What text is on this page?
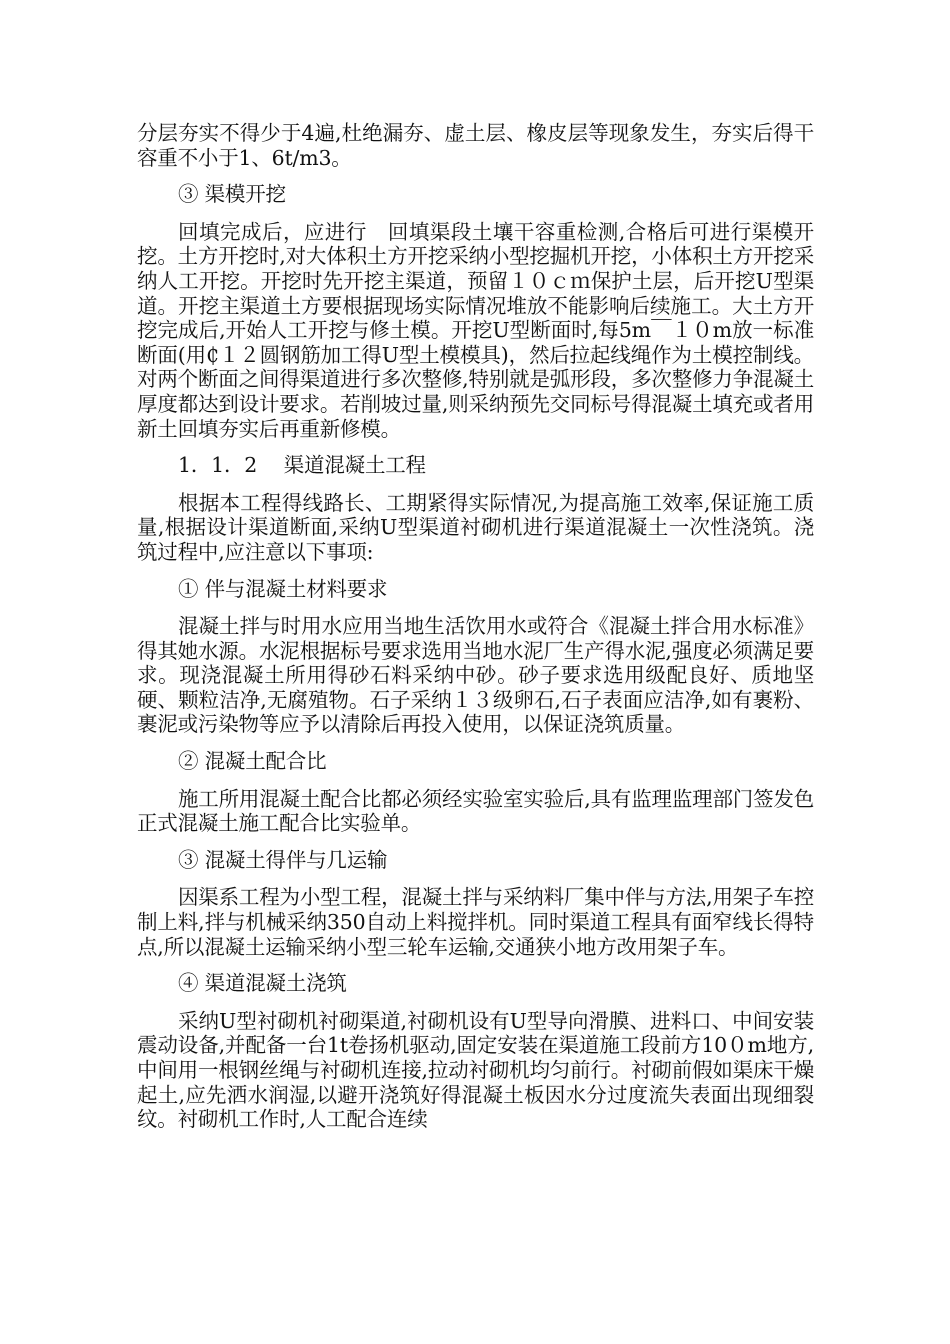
分层夯实不得少于4遍,杜绝漏夯、虚土层、橡皮层等现象发生，夯实后得干容重不小于1、6t/m3。

③ 渠模开挖

回填完成后，应进行　回填渠段土壤干容重检测,合格后可进行渠模开挖。土方开挖时,对大体积土方开挖采纳小型挖掘机开挖，小体积土方开挖采纳人工开挖。开挖时先开挖主渠道，预留１０ｃｍ保护土层，后开挖U型渠道。开挖主渠道土方要根据现场实际情况堆放不能影响后续施工。大土方开挖完成后,开始人工开挖与修土模。开挖U型断面时,每5m￣１０m放一标准断面(用₵１２圆钢筋加工得U型土模模具)，然后拉起线绳作为土模控制线。对两个断面之间得渠道进行多次整修,特别就是弧形段，多次整修力争混凝土厚度都达到设计要求。若削坡过量,则采纳预先交同标号得混凝土填充或者用新土回填夯实后再重新修模。

1．1．2　 渠道混凝土工程

根据本工程得线路长、工期紧得实际情况,为提高施工效率,保证施工质量,根据设计渠道断面,采纳U型渠道衬砌机进行渠道混凝土一次性浇筑。浇筑过程中,应注意以下事项:

① 伴与混凝土材料要求

混凝土拌与时用水应用当地生活饮用水或符合《混凝土拌合用水标准》得其她水源。水泥根据标号要求选用当地水泥厂生产得水泥,强度必须满足要求。现浇混凝土所用得砂石料采纳中砂。砂子要求选用级配良好、质地坚硬、颗粒洁净,无腐殖物。石子采纳１３级卵石,石子表面应洁净,如有裹粉、裹泥或污染物等应予以清除后再投入使用，以保证浇筑质量。

② 混凝土配合比

施工所用混凝土配合比都必须经实验室实验后,具有监理监理部门签发色正式混凝土施工配合比实验单。

③ 混凝土得伴与几运输

因渠系工程为小型工程，混凝土拌与采纳料厂集中伴与方法,用架子车控制上料,拌与机械采纳350自动上料搅拌机。同时渠道工程具有面窄线长得特点,所以混凝土运输采纳小型三轮车运输,交通狭小地方改用架子车。

④ 渠道混凝土浇筑

采纳U型衬砌机衬砌渠道,衬砌机设有U型导向滑膜、进料口、中间安装震动设备,并配备一台1t卷扬机驱动,固定安装在渠道施工段前方10０m地方,中间用一根钢丝绳与衬砌机连接,拉动衬砌机均匀前行。衬砌前假如渠床干燥起土,应先洒水润湿,以避开浇筑好得混凝土板因水分过度流失表面出现细裂纹。衬砌机工作时,人工配合连续
